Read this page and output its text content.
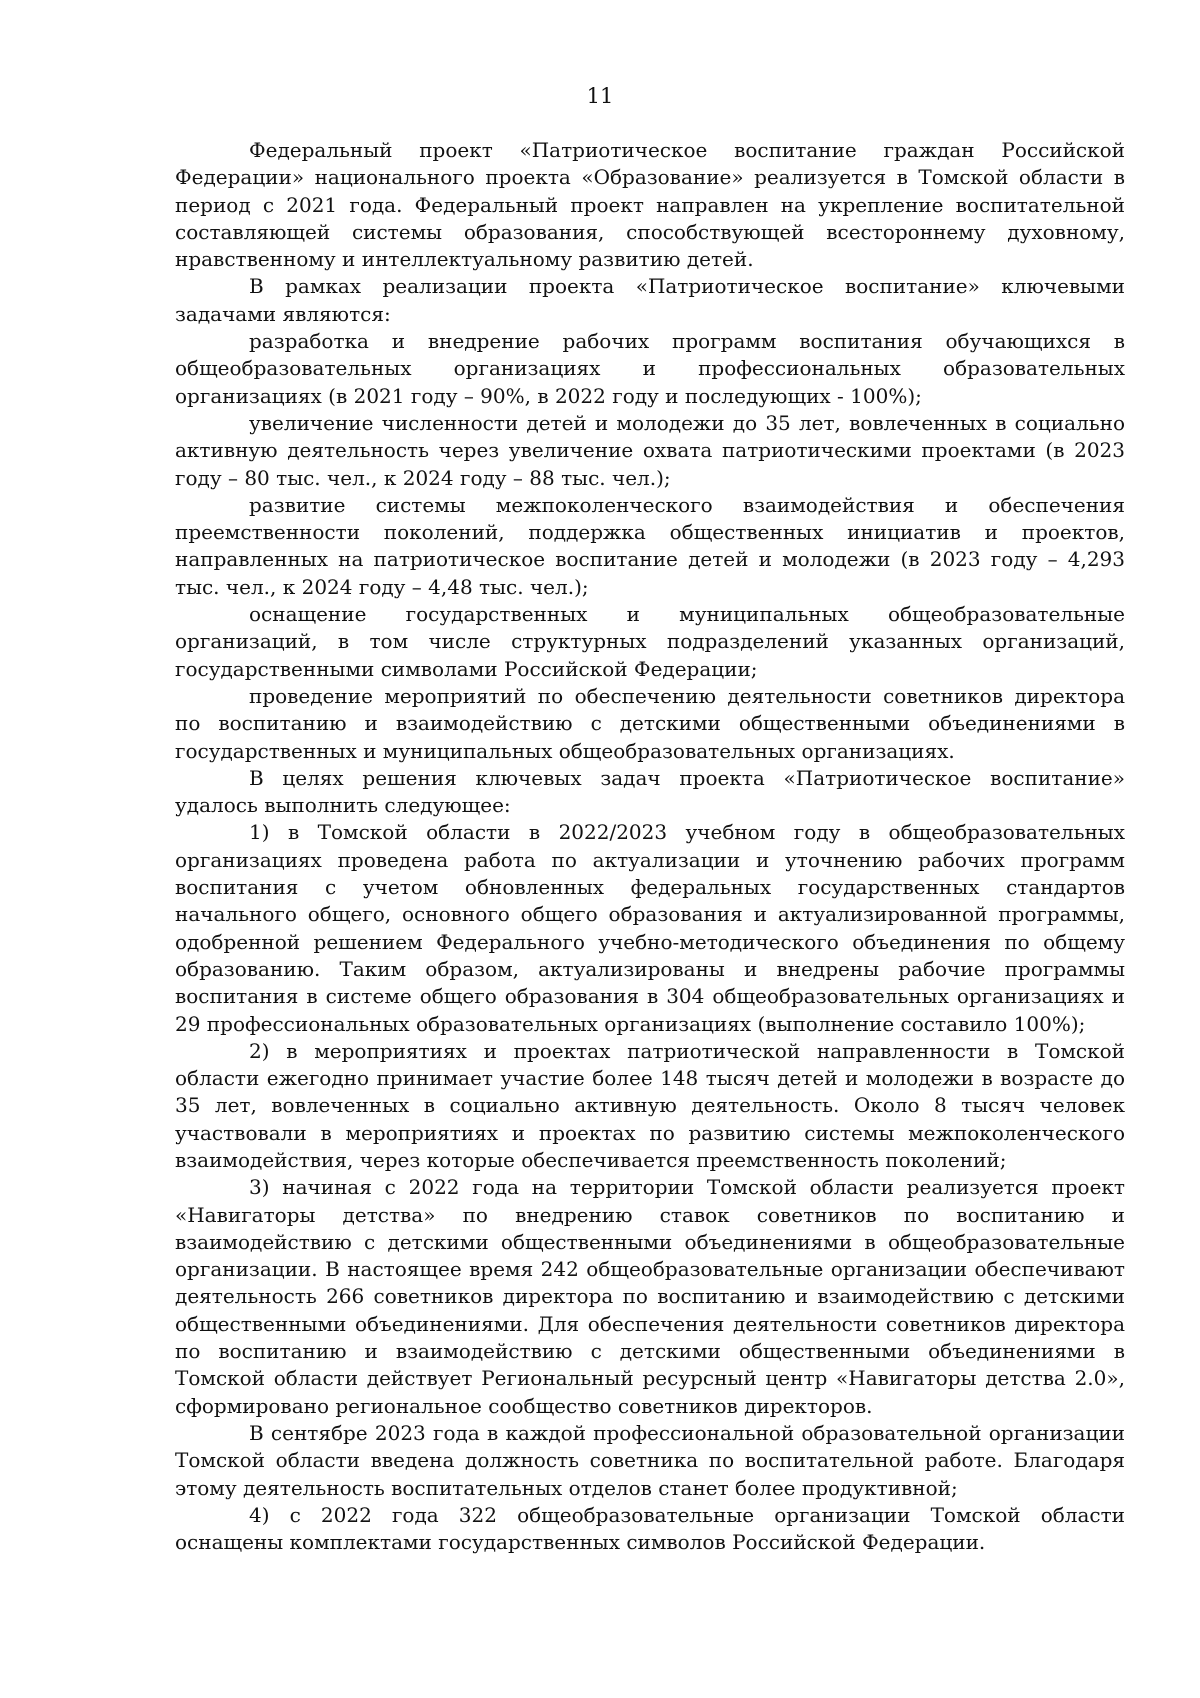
11

Федеральный проект «Патриотическое воспитание граждан Российской Федерации» национального проекта «Образование» реализуется в Томской области в период с 2021 года. Федеральный проект направлен на укрепление воспитательной составляющей системы образования, способствующей всестороннему духовному, нравственному и интеллектуальному развитию детей.

В рамках реализации проекта «Патриотическое воспитание» ключевыми задачами являются:

разработка и внедрение рабочих программ воспитания обучающихся в общеобразовательных организациях и профессиональных образовательных организациях (в 2021 году – 90%, в 2022 году и последующих - 100%);

увеличение численности детей и молодежи до 35 лет, вовлеченных в социально активную деятельность через увеличение охвата патриотическими проектами (в 2023 году – 80 тыс. чел., к 2024 году – 88 тыс. чел.);

развитие системы межпоколенческого взаимодействия и обеспечения преемственности поколений, поддержка общественных инициатив и проектов, направленных на патриотическое воспитание детей и молодежи (в 2023 году – 4,293 тыс. чел., к 2024 году – 4,48 тыс. чел.);

оснащение государственных и муниципальных общеобразовательные организаций, в том числе структурных подразделений указанных организаций, государственными символами Российской Федерации;

проведение мероприятий по обеспечению деятельности советников директора по воспитанию и взаимодействию с детскими общественными объединениями в государственных и муниципальных общеобразовательных организациях.

В целях решения ключевых задач проекта «Патриотическое воспитание» удалось выполнить следующее:

1) в Томской области в 2022/2023 учебном году в общеобразовательных организациях проведена работа по актуализации и уточнению рабочих программ воспитания с учетом обновленных федеральных государственных стандартов начального общего, основного общего образования и актуализированной программы, одобренной решением Федерального учебно-методического объединения по общему образованию. Таким образом, актуализированы и внедрены рабочие программы воспитания в системе общего образования в 304 общеобразовательных организациях и 29 профессиональных образовательных организациях (выполнение составило 100%);

2) в мероприятиях и проектах патриотической направленности в Томской области ежегодно принимает участие более 148 тысяч детей и молодежи в возрасте до 35 лет, вовлеченных в социально активную деятельность. Около 8 тысяч человек участвовали в мероприятиях и проектах по развитию системы межпоколенческого взаимодействия, через которые обеспечивается преемственность поколений;

3) начиная с 2022 года на территории Томской области реализуется проект «Навигаторы детства» по внедрению ставок советников по воспитанию и взаимодействию с детскими общественными объединениями в общеобразовательные организации. В настоящее время 242 общеобразовательные организации обеспечивают деятельность 266 советников директора по воспитанию и взаимодействию с детскими общественными объединениями. Для обеспечения деятельности советников директора по воспитанию и взаимодействию с детскими общественными объединениями в Томской области действует Региональный ресурсный центр «Навигаторы детства 2.0», сформировано региональное сообщество советников директоров.

В сентябре 2023 года в каждой профессиональной образовательной организации Томской области введена должность советника по воспитательной работе. Благодаря этому деятельность воспитательных отделов станет более продуктивной;

4) с 2022 года 322 общеобразовательные организации Томской области оснащены комплектами государственных символов Российской Федерации.
